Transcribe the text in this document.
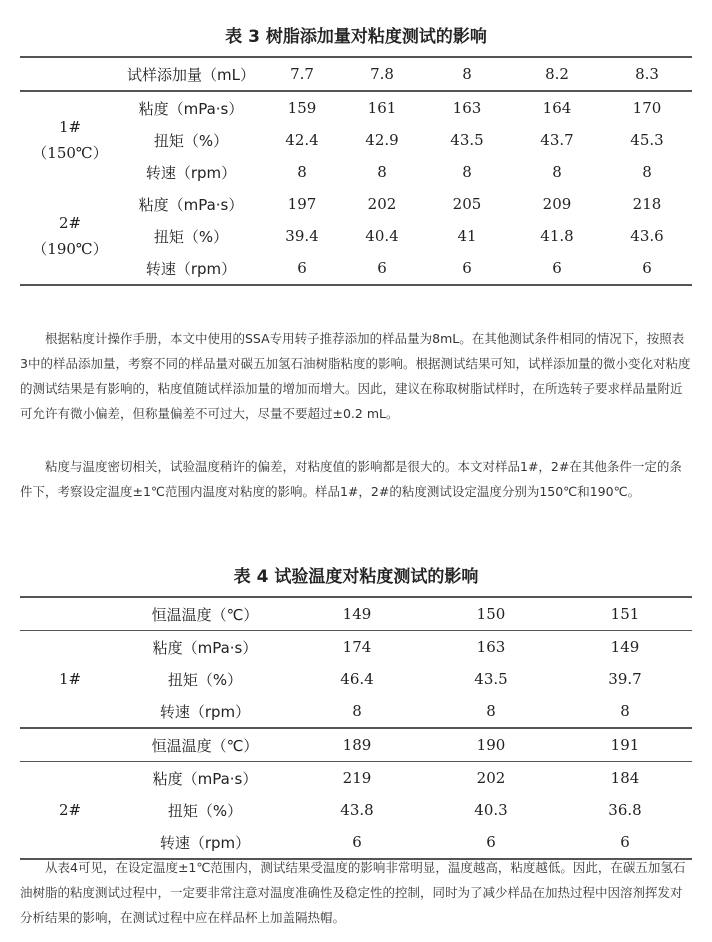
表 3 树脂添加量对粘度测试的影响
	试样添加量（mL）	7.7	7.8	8	8.2	8.3

1#
（150℃）	粘度（mPa·s）	159	161	163	164	170
	扭矩（%）	42.4	42.9	43.5	43.7	45.3
	转速（rpm）	8	8	8	8	8

2#
（190℃）	粘度（mPa·s）	197	202	205	209	218
	扭矩（%）	39.4	40.4	41	41.8	43.6
	转速（rpm）	6	6	6	6	6

根据粘度计操作手册，本文中使用的SSA专用转子推荐添加的样品量为8mL。在其他测试条件相同的情况下，按照表3中的样品添加量，考察不同的样品量对碳五加氢石油树脂粘度的影响。根据测试结果可知，试样添加量的微小变化对粘度的测试结果是有影响的，粘度值随试样添加量的增加而增大。因此，建议在称取树脂试样时，在所选转子要求样品量附近可允许有微小偏差，但称量偏差不可过大，尽量不要超过±0.2 mL。

粘度与温度密切相关，试验温度稍许的偏差，对粘度值的影响都是很大的。本文对样品1#，2#在其他条件一定的条件下，考察设定温度±1℃范围内温度对粘度的影响。样品1#，2#的粘度测试设定温度分别为150℃和190℃。

表 4 试验温度对粘度测试的影响
	恒温温度（℃）	149	150	151
1#	粘度（mPa·s）	174	163	149
	扭矩（%）	46.4	43.5	39.7
	转速（rpm）	8	8	8
	恒温温度（℃）	189	190	191
2#	粘度（mPa·s）	219	202	184
	扭矩（%）	43.8	40.3	36.8
	转速（rpm）	6	6	6

从表4可见，在设定温度±1℃范围内，测试结果受温度的影响非常明显，温度越高，粘度越低。因此，在碳五加氢石油树脂的粘度测试过程中，一定要非常注意对温度准确性及稳定性的控制，同时为了减少样品在加热过程中因溶剂挥发对分析结果的影响，在测试过程中应在样品杯上加盖隔热帽。
